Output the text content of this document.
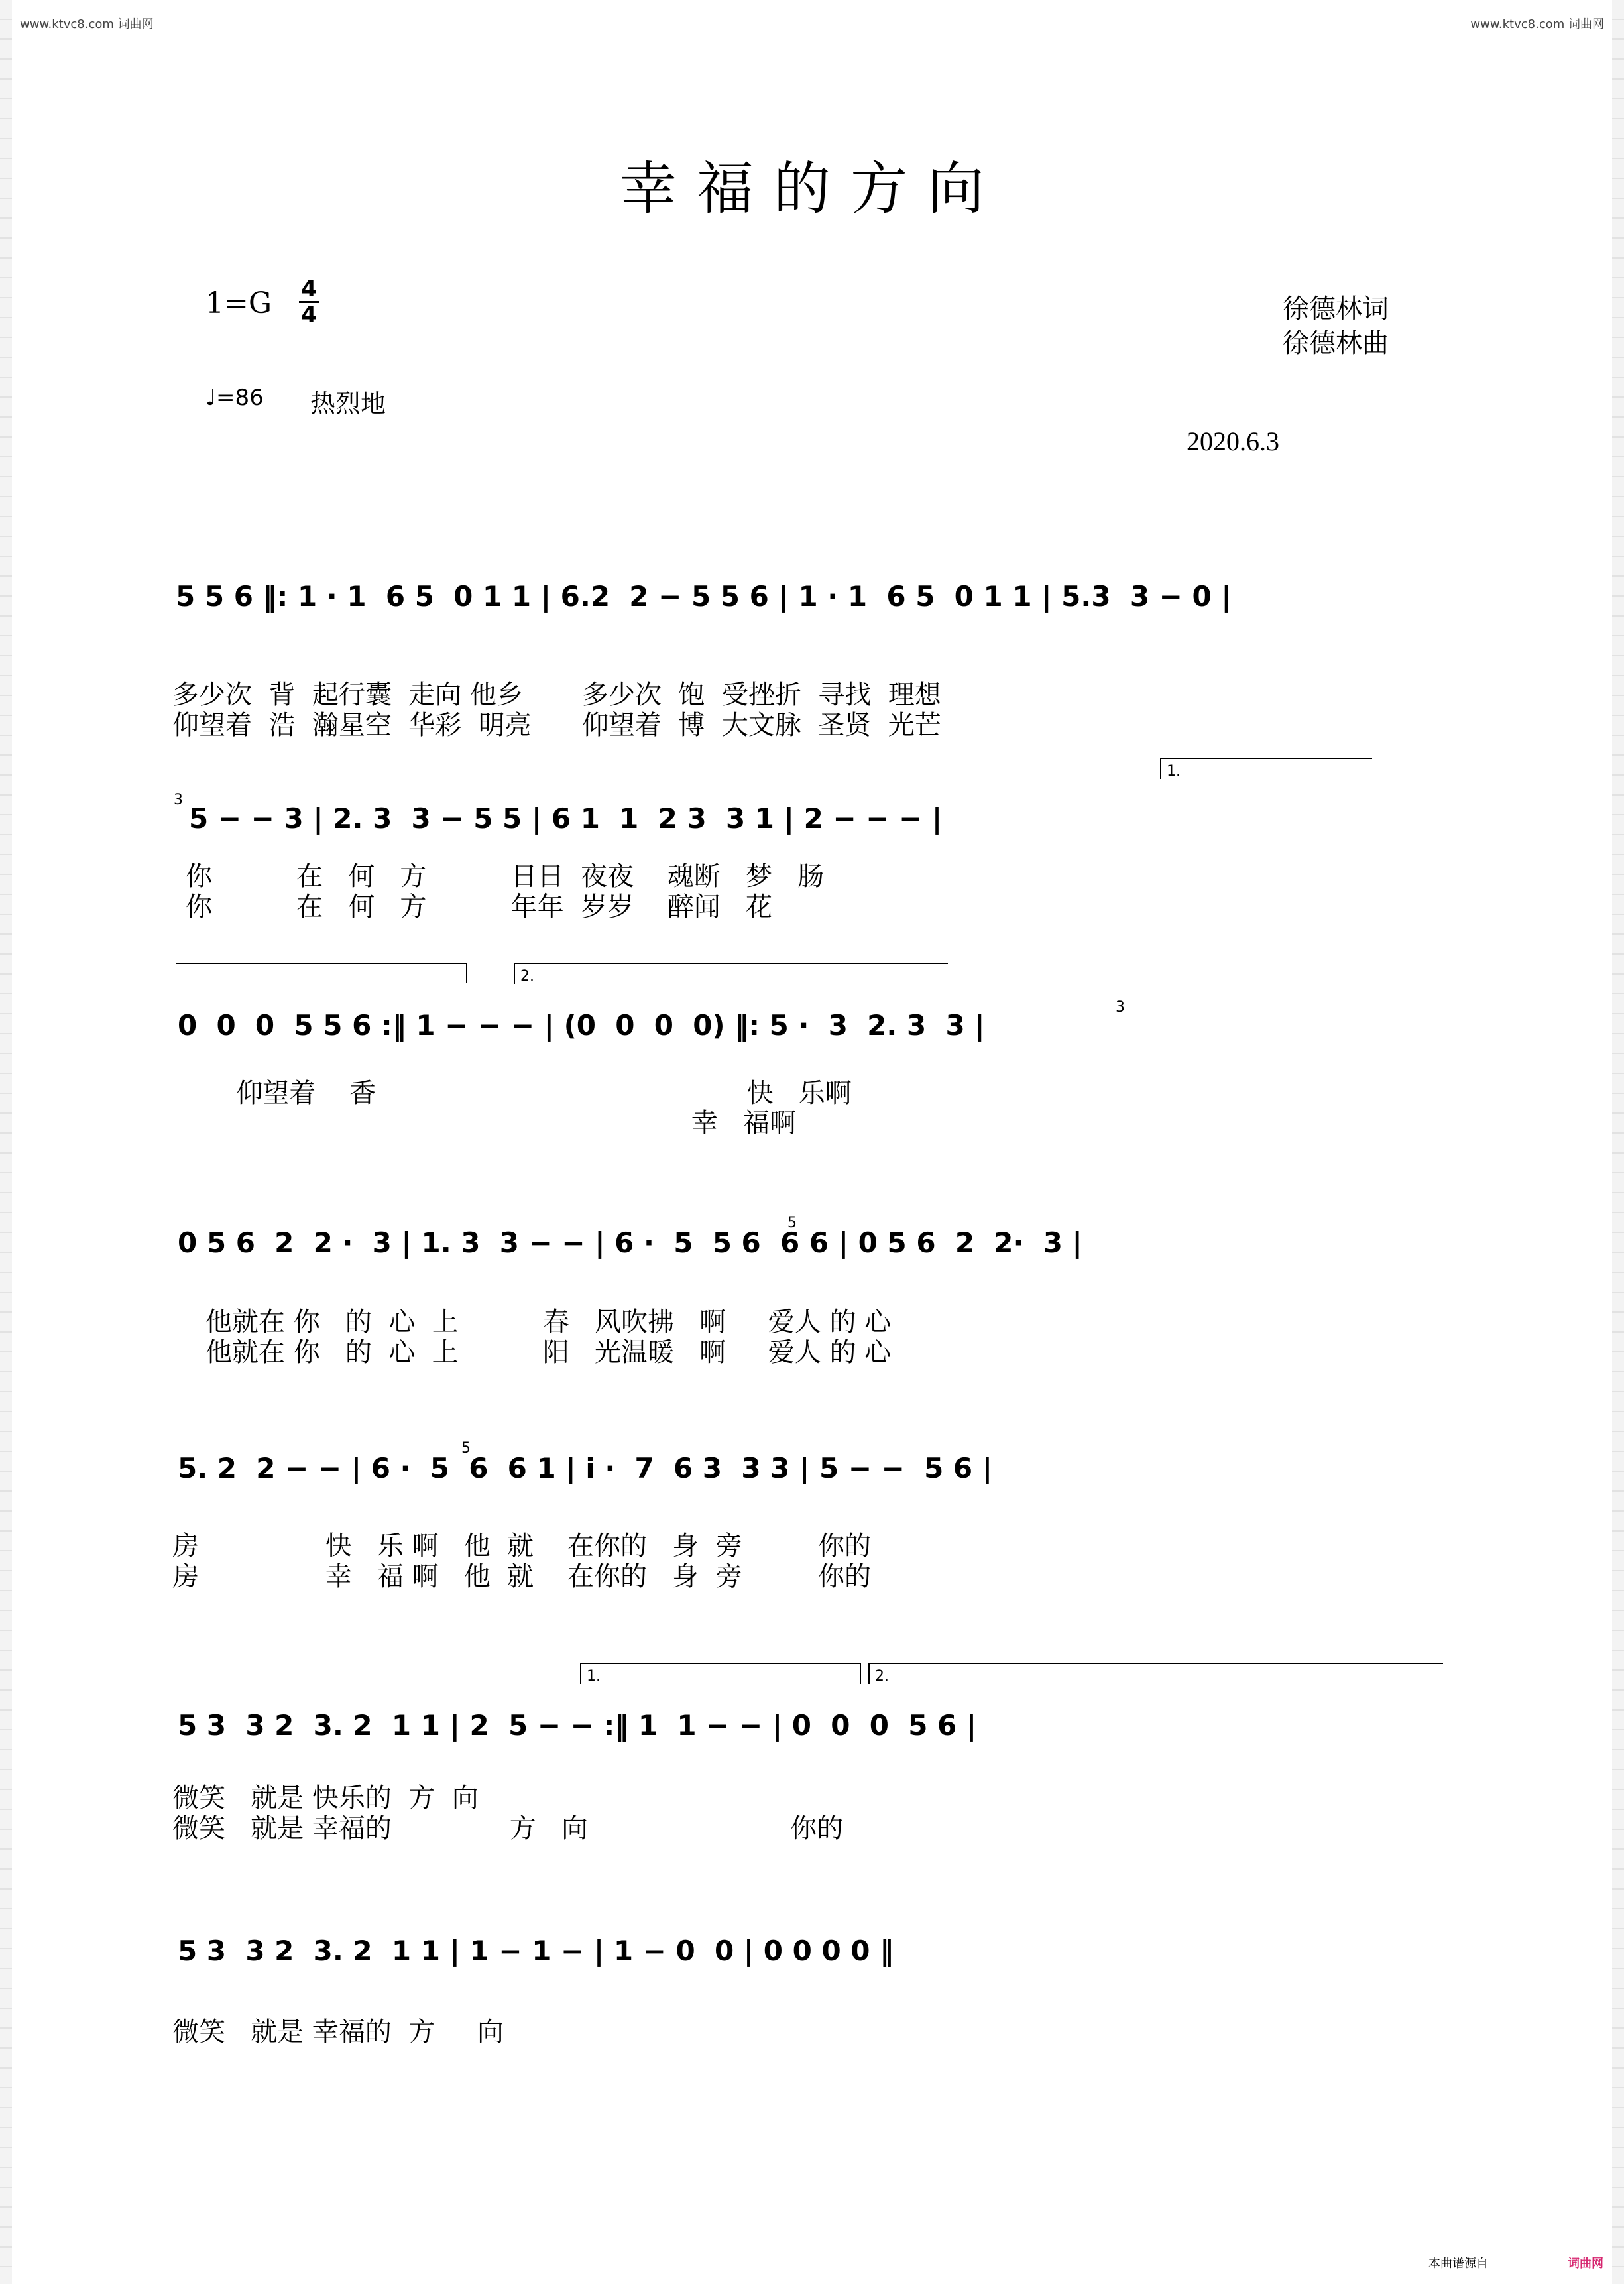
www.ktvc8.com 词曲网	www.ktvc8.com 词曲网
幸福的方向
1=G 4
4	徐德林词
徐德林曲
♩=86 热烈地
2020.6.3
5 5 6 ‖: 1 · 1  6 5  0 1 1 | 6.2  2 − 5 5 6 | 1 · 1  6 5  0 1 1 | 5.3  3 − 0 |
多少次  背  起行囊  走向 他乡       多少次  饱  受挫折  寻找  理想
仰望着  浩  瀚星空  华彩  明亮      仰望着  博  大文脉  圣贤  光芒
1.
3
5 − − 3 | 2. 3  3 − 5 5 | 6 1  1  2 3  3 1 | 2 − − − |
你          在   何   方          日日  夜夜    魂断   梦   肠
你          在   何   方          年年  岁岁    醉闻   花
2.
3
0  0  0  5 5 6 :‖ 1 − − − | (0  0  0  0) ‖: 5 ·  3  2. 3  3 |
仰望着    香                                            快   乐啊
幸   福啊
5
0 5 6  2  2 ·  3 | 1. 3  3 − − | 6 ·  5  5 6  6 6 | 0 5 6  2  2·  3 |
他就在 你   的  心  上          春   风吹拂   啊     爱人 的 心
他就在 你   的  心  上          阳   光温暖   啊     爱人 的 心
5
5. 2  2 − − | 6 ·  5  6  6 1 | i ·  7  6 3  3 3 | 5 − −  5 6 |
房               快   乐 啊   他  就    在你的   身  旁         你的
房               幸   福 啊   他  就    在你的   身  旁         你的
1.	2.
5 3  3 2  3. 2  1 1 | 2  5 − − :‖ 1  1 − − | 0  0  0  5 6 |
微笑   就是 快乐的  方  向
微笑   就是 幸福的              方   向                        你的
5 3  3 2  3. 2  1 1 | 1 − 1 − | 1 − 0  0 | 0 0 0 0 ‖
微笑   就是 幸福的  方     向
本曲谱源自	词曲网
